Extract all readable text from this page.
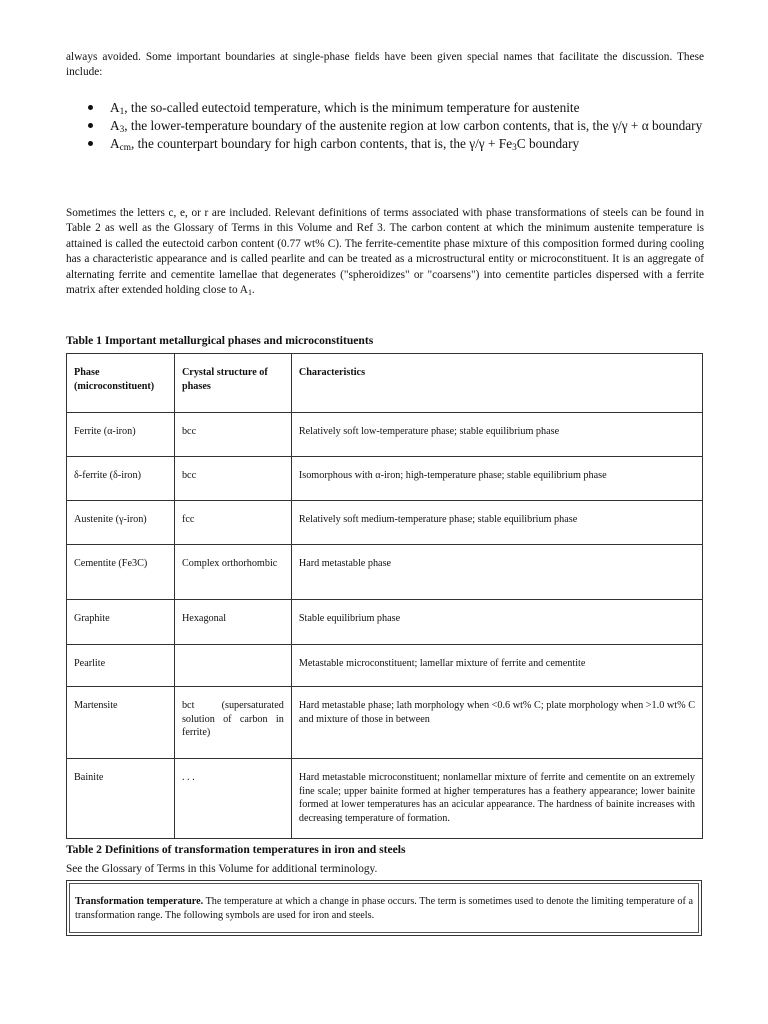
always avoided. Some important boundaries at single-phase fields have been given special names that facilitate the discussion. These include:

$A_1$, the so-called eutectoid temperature, which is the minimum temperature for austenite
$A_3$, the lower-temperature boundary of the austenite region at low carbon contents, that is, the γ/γ + α boundary
$A_{cm}$, the counterpart boundary for high carbon contents, that is, the $\gamma/\gamma + Fe_3C$ boundary

Sometimes the letters c, e, or r are included. Relevant definitions of terms associated with phase transformations of steels can be found in Table 2 as well as the Glossary of Terms in this Volume and Ref 3. The carbon content at which the minimum austenite temperature is attained is called the eutectoid carbon content (0.77 wt% C). The ferrite-cementite phase mixture of this composition formed during cooling has a characteristic appearance and is called pearlite and can be treated as a microstructural entity or microconstituent. It is an aggregate of alternating ferrite and cementite lamellae that degenerates ("spheroidizes" or "coarsens") into cementite particles dispersed with a ferrite matrix after extended holding close to $A_1$.

Table 1 Important metallurgical phases and microconstituents

Phase (microconstituent)	Crystal structure of phases	Characteristics
Ferrite (α-iron)	bcc	Relatively soft low-temperature phase; stable equilibrium phase
δ-ferrite (δ-iron)	bcc	Isomorphous with α-iron; high-temperature phase; stable equilibrium phase
Austenite (γ-iron)	fcc	Relatively soft medium-temperature phase; stable equilibrium phase
Cementite (Fe3C)	Complex orthorhombic	Hard metastable phase
Graphite	Hexagonal	Stable equilibrium phase
Pearlite		Metastable microconstituent; lamellar mixture of ferrite and cementite
Martensite	bct (supersaturated solution of carbon in ferrite)	Hard metastable phase; lath morphology when <0.6 wt% C; plate morphology when >1.0 wt% C and mixture of those in between
Bainite	. . .	Hard metastable microconstituent; nonlamellar mixture of ferrite and cementite on an extremely fine scale; upper bainite formed at higher temperatures has a feathery appearance; lower bainite formed at lower temperatures has an acicular appearance. The hardness of bainite increases with decreasing temperature of formation.

Table 2 Definitions of transformation temperatures in iron and steels

See the Glossary of Terms in this Volume for additional terminology.

Transformation temperature. The temperature at which a change in phase occurs. The term is sometimes used to denote the limiting temperature of a transformation range. The following symbols are used for iron and steels.
